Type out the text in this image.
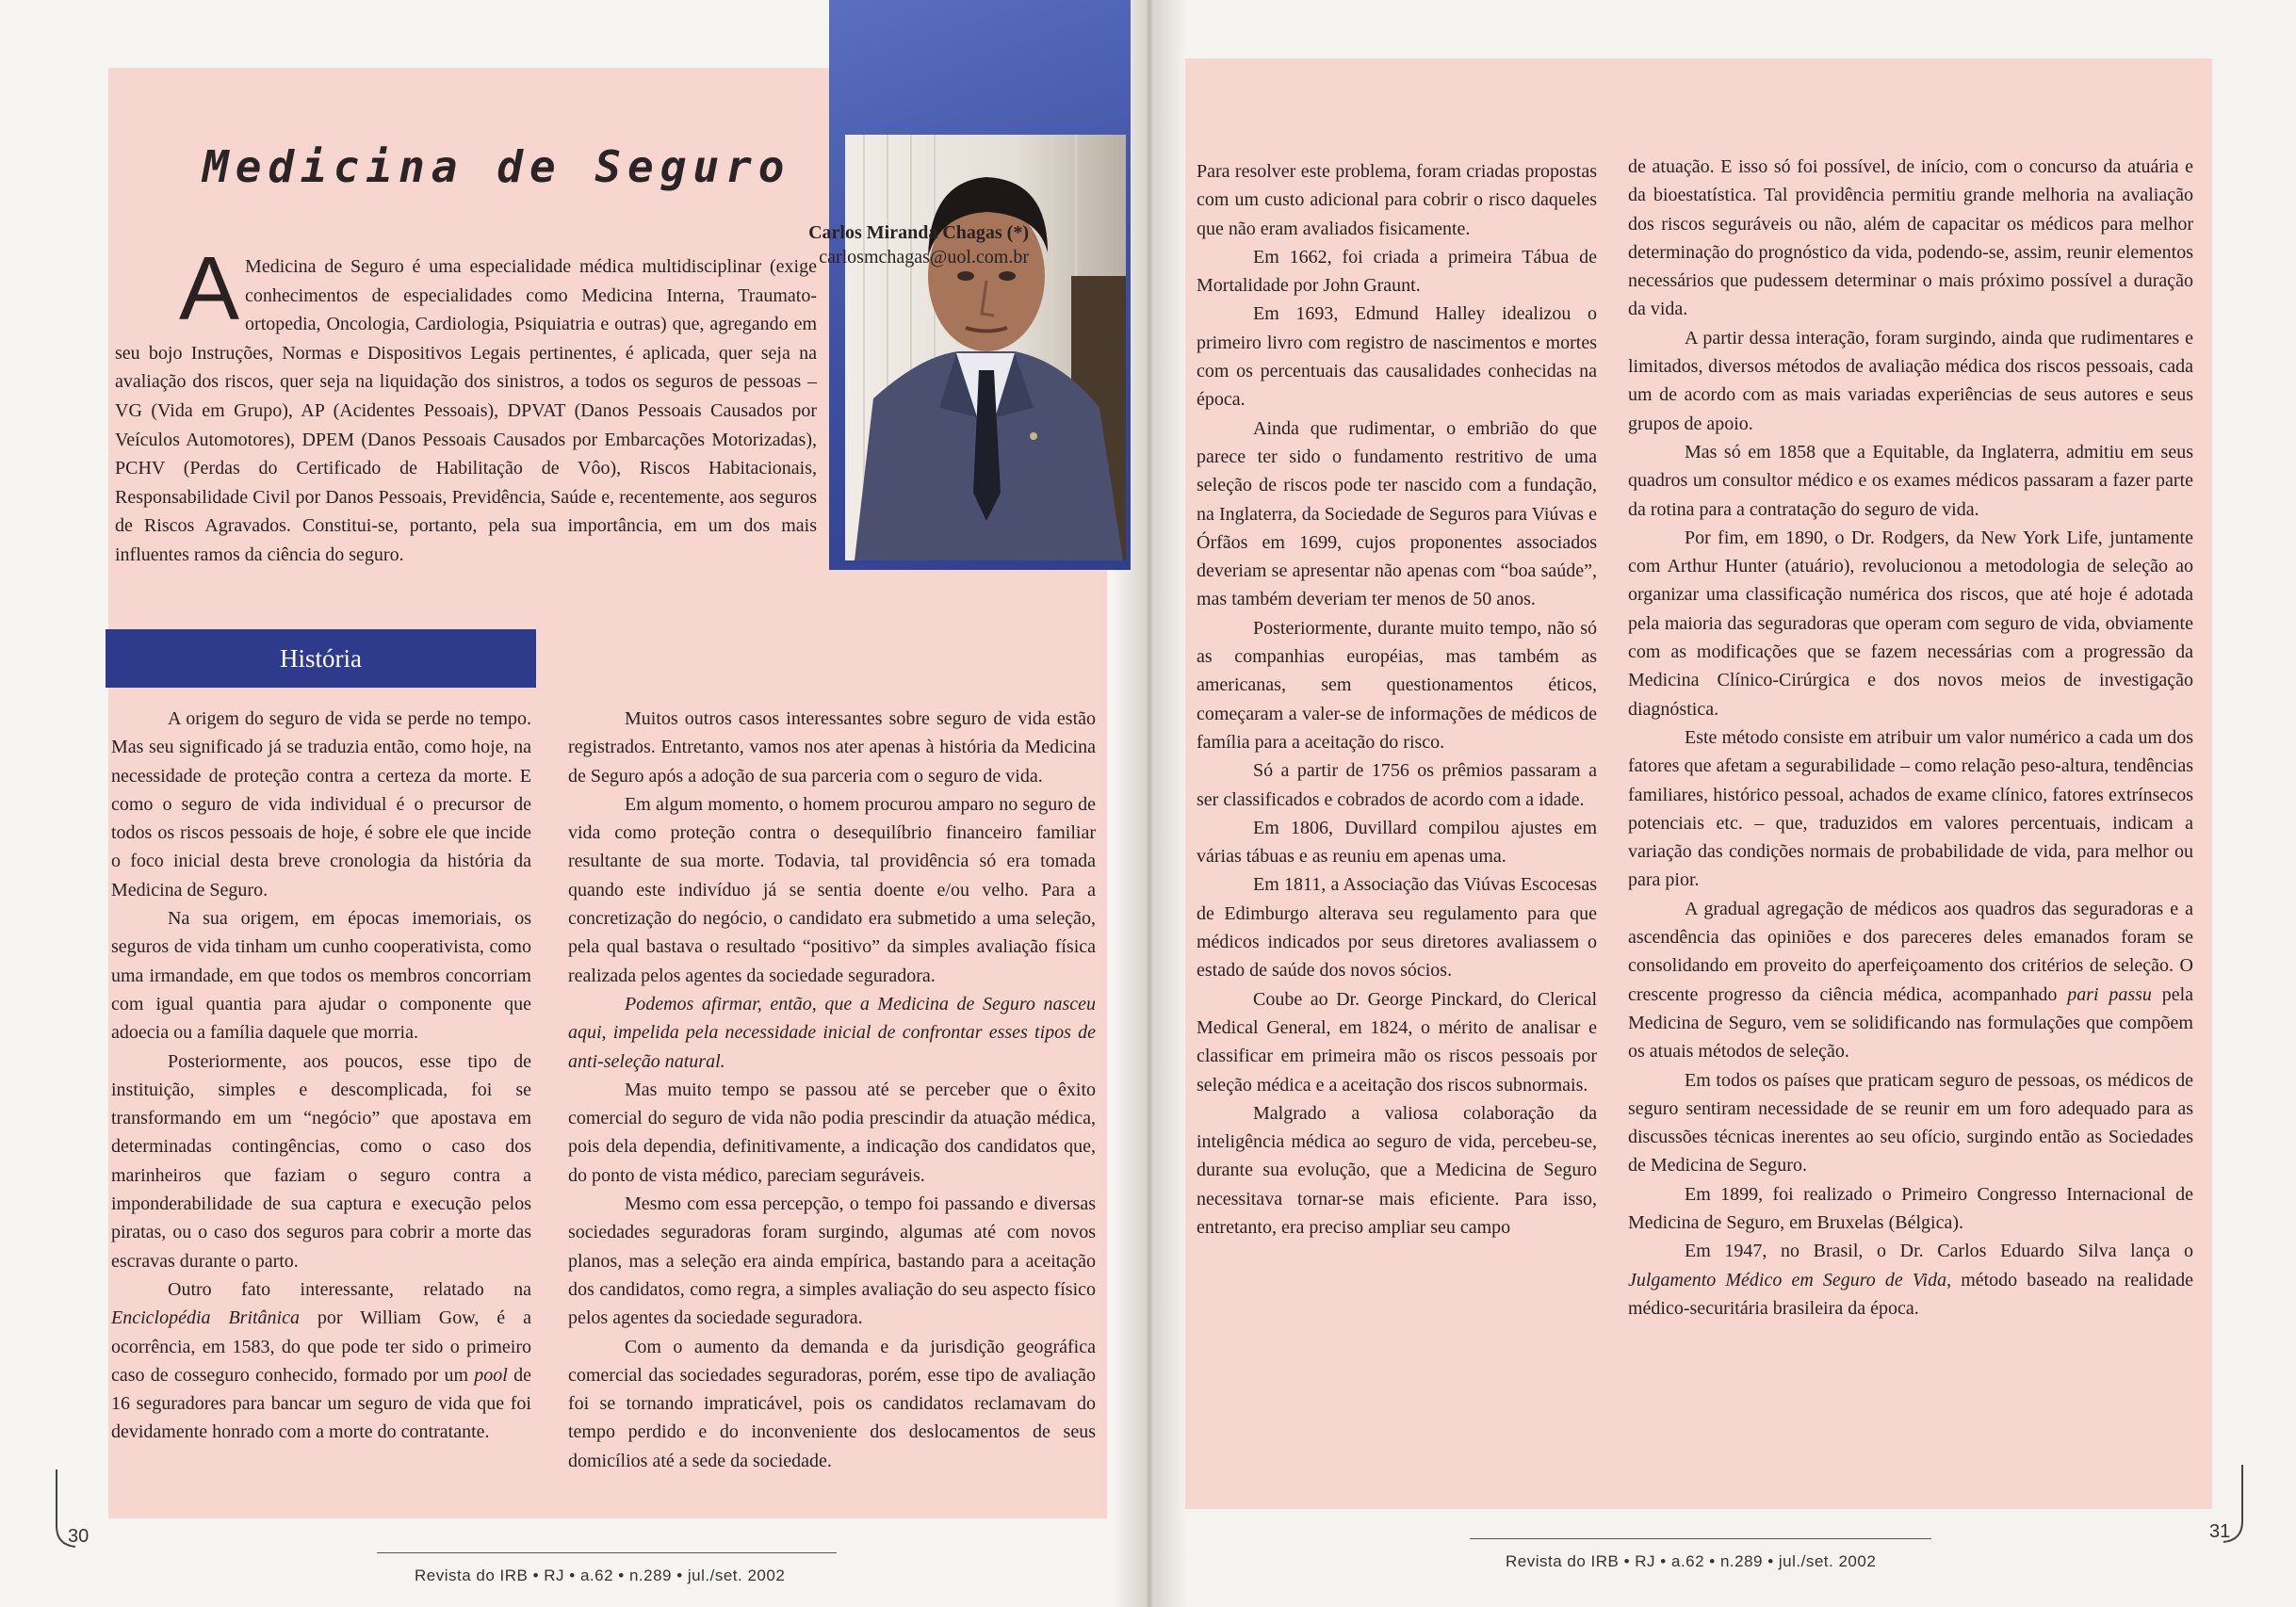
Medicina de Seguro
Carlos Miranda Chagas (*)
carlosmchagas@uol.com.br
A Medicina de Seguro é uma especialidade médica multidisciplinar (exige conhecimentos de especialidades como Medicina Interna, Traumato-ortopedia, Oncologia, Cardiologia, Psiquiatria e outras) que, agregando em seu bojo Instruções, Normas e Dispositivos Legais pertinentes, é aplicada, quer seja na avaliação dos riscos, quer seja na liquidação dos sinistros, a todos os seguros de pessoas – VG (Vida em Grupo), AP (Acidentes Pessoais), DPVAT (Danos Pessoais Causados por Veículos Automotores), DPEM (Danos Pessoais Causados por Embarcações Motorizadas), PCHV (Perdas do Certificado de Habilitação de Vôo), Riscos Habitacionais, Responsabilidade Civil por Danos Pessoais, Previdência, Saúde e, recentemente, aos seguros de Riscos Agravados. Constitui-se, portanto, pela sua importância, em um dos mais influentes ramos da ciência do seguro.
História

A origem do seguro de vida se perde no tempo. Mas seu significado já se traduzia então, como hoje, na necessidade de proteção contra a certeza da morte. E como o seguro de vida individual é o precursor de todos os riscos pessoais de hoje, é sobre ele que incide o foco inicial desta breve cronologia da história da Medicina de Seguro.

Na sua origem, em épocas imemoriais, os seguros de vida tinham um cunho cooperativista, como uma irmandade, em que todos os membros concorriam com igual quantia para ajudar o componente que adoecia ou a família daquele que morria.

Posteriormente, aos poucos, esse tipo de instituição, simples e descomplicada, foi se transformando em um “negócio” que apostava em determinadas contingências, como o caso dos marinheiros que faziam o seguro contra a imponderabilidade de sua captura e execução pelos piratas, ou o caso dos seguros para cobrir a morte das escravas durante o parto.

Outro fato interessante, relatado na Enciclopédia Britânica por William Gow, é a ocorrência, em 1583, do que pode ter sido o primeiro caso de cosseguro conhecido, formado por um pool de 16 seguradores para bancar um seguro de vida que foi devidamente honrado com a morte do contratante.

Muitos outros casos interessantes sobre seguro de vida estão registrados. Entretanto, vamos nos ater apenas à história da Medicina de Seguro após a adoção de sua parceria com o seguro de vida.

Em algum momento, o homem procurou amparo no seguro de vida como proteção contra o desequilíbrio financeiro familiar resultante de sua morte. Todavia, tal providência só era tomada quando este indivíduo já se sentia doente e/ou velho. Para a concretização do negócio, o candidato era submetido a uma seleção, pela qual bastava o resultado “positivo” da simples avaliação física realizada pelos agentes da sociedade seguradora.

Podemos afirmar, então, que a Medicina de Seguro nasceu aqui, impelida pela necessidade inicial de confrontar esses tipos de anti-seleção natural.

Mas muito tempo se passou até se perceber que o êxito comercial do seguro de vida não podia prescindir da atuação médica, pois dela dependia, definitivamente, a indicação dos candidatos que, do ponto de vista médico, pareciam seguráveis.

Mesmo com essa percepção, o tempo foi passando e diversas sociedades seguradoras foram surgindo, algumas até com novos planos, mas a seleção era ainda empírica, bastando para a aceitação dos candidatos, como regra, a simples avaliação do seu aspecto físico pelos agentes da sociedade seguradora.

Com o aumento da demanda e da jurisdição geográfica comercial das sociedades seguradoras, porém, esse tipo de avaliação foi se tornando impraticável, pois os candidatos reclamavam do tempo perdido e do inconveniente dos deslocamentos de seus domicílios até a sede da sociedade.

Para resolver este problema, foram criadas propostas com um custo adicional para cobrir o risco daqueles que não eram avaliados fisicamente.

Em 1662, foi criada a primeira Tábua de Mortalidade por John Graunt.

Em 1693, Edmund Halley idealizou o primeiro livro com registro de nascimentos e mortes com os percentuais das causalidades conhecidas na época.

Ainda que rudimentar, o embrião do que parece ter sido o fundamento restritivo de uma seleção de riscos pode ter nascido com a fundação, na Inglaterra, da Sociedade de Seguros para Viúvas e Órfãos em 1699, cujos proponentes associados deveriam se apresentar não apenas com “boa saúde”, mas também deveriam ter menos de 50 anos.

Posteriormente, durante muito tempo, não só as companhias européias, mas também as americanas, sem questionamentos éticos, começaram a valer-se de informações de médicos de família para a aceitação do risco.

Só a partir de 1756 os prêmios passaram a ser classificados e cobrados de acordo com a idade.

Em 1806, Duvillard compilou ajustes em várias tábuas e as reuniu em apenas uma.

Em 1811, a Associação das Viúvas Escocesas de Edimburgo alterava seu regulamento para que médicos indicados por seus diretores avaliassem o estado de saúde dos novos sócios.

Coube ao Dr. George Pinckard, do Clerical Medical General, em 1824, o mérito de analisar e classificar em primeira mão os riscos pessoais por seleção médica e a aceitação dos riscos subnormais.

Malgrado a valiosa colaboração da inteligência médica ao seguro de vida, percebeu-se, durante sua evolução, que a Medicina de Seguro necessitava tornar-se mais eficiente. Para isso, entretanto, era preciso ampliar seu campo

de atuação. E isso só foi possível, de início, com o concurso da atuária e da bioestatística. Tal providência permitiu grande melhoria na avaliação dos riscos seguráveis ou não, além de capacitar os médicos para melhor determinação do prognóstico da vida, podendo-se, assim, reunir elementos necessários que pudessem determinar o mais próximo possível a duração da vida.

A partir dessa interação, foram surgindo, ainda que rudimentares e limitados, diversos métodos de avaliação médica dos riscos pessoais, cada um de acordo com as mais variadas experiências de seus autores e seus grupos de apoio.

Mas só em 1858 que a Equitable, da Inglaterra, admitiu em seus quadros um consultor médico e os exames médicos passaram a fazer parte da rotina para a contratação do seguro de vida.

Por fim, em 1890, o Dr. Rodgers, da New York Life, juntamente com Arthur Hunter (atuário), revolucionou a metodologia de seleção ao organizar uma classificação numérica dos riscos, que até hoje é adotada pela maioria das seguradoras que operam com seguro de vida, obviamente com as modificações que se fazem necessárias com a progressão da Medicina Clínico-Cirúrgica e dos novos meios de investigação diagnóstica.

Este método consiste em atribuir um valor numérico a cada um dos fatores que afetam a segurabilidade – como relação peso-altura, tendências familiares, histórico pessoal, achados de exame clínico, fatores extrínsecos potenciais etc. – que, traduzidos em valores percentuais, indicam a variação das condições normais de probabilidade de vida, para melhor ou para pior.

A gradual agregação de médicos aos quadros das seguradoras e a ascendência das opiniões e dos pareceres deles emanados foram se consolidando em proveito do aperfeiçoamento dos critérios de seleção. O crescente progresso da ciência médica, acompanhado pari passu pela Medicina de Seguro, vem se solidificando nas formulações que compõem os atuais métodos de seleção.

Em todos os países que praticam seguro de pessoas, os médicos de seguro sentiram necessidade de se reunir em um foro adequado para as discussões técnicas inerentes ao seu ofício, surgindo então as Sociedades de Medicina de Seguro.

Em 1899, foi realizado o Primeiro Congresso Internacional de Medicina de Seguro, em Bruxelas (Bélgica).

Em 1947, no Brasil, o Dr. Carlos Eduardo Silva lança o Julgamento Médico em Seguro de Vida, método baseado na realidade médico-securitária brasileira da época.

30	31
Revista do IRB • RJ • a.62 • n.289 • jul./set. 2002
Revista do IRB • RJ • a.62 • n.289 • jul./set. 2002
